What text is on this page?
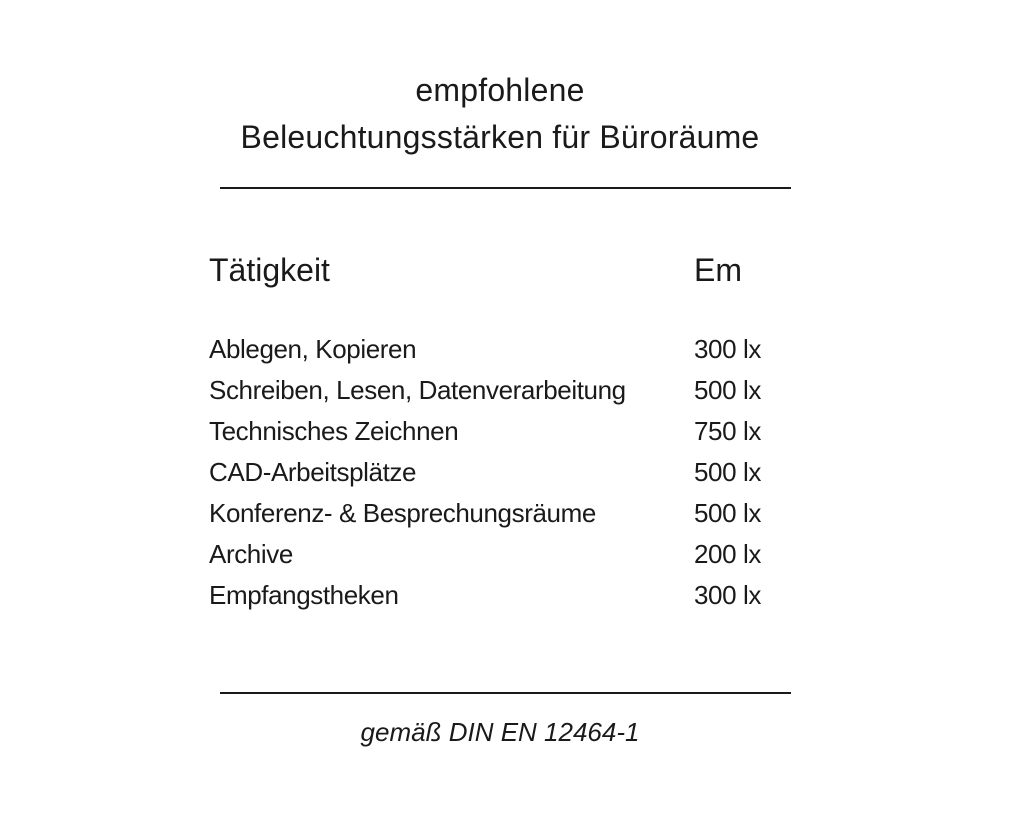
empfohlene
Beleuchtungsstärken für Büroräume
Tätigkeit	Em
Ablegen, Kopieren	300 lx
Schreiben, Lesen, Datenverarbeitung	500 lx
Technisches Zeichnen	750 lx
CAD-Arbeitsplätze	500 lx
Konferenz- & Besprechungsräume	500 lx
Archive	200 lx
Empfangstheken	300 lx
gemäß DIN EN 12464-1
